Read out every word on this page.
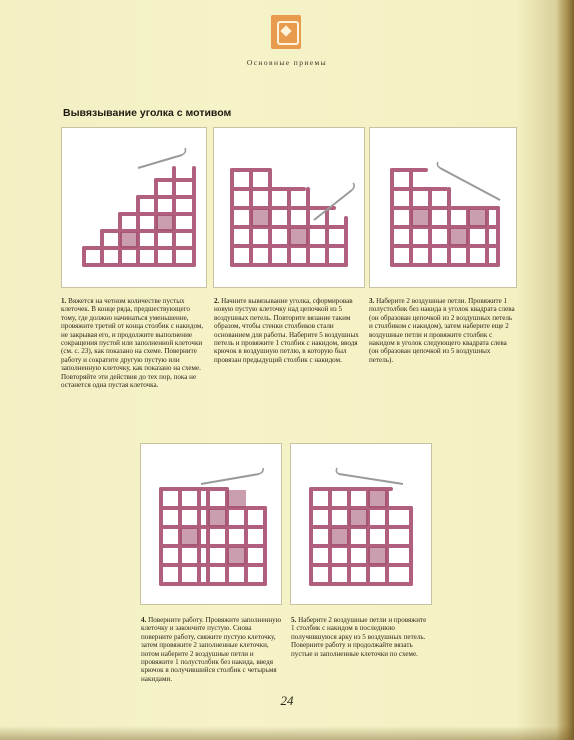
Основные приемы
Вывязывание уголка с мотивом
1. Вяжется на четном количестве пустых клеточек. В конце ряда, предшествующего тому, где должно начинаться уменьшение, провяжите третий от конца столбик с накидом, не закрывая его, и продолжите выполнение сокращения пустой или заполненной клеточки (см. с. 23), как показано на схеме. Поверните работу и сократите другую пустую или заполненную клеточку, как показано на схеме. Повторяйте эти действия до тех пор, пока не останется одна пустая клеточка.
2. Начните вывязывание уголка, сформировав новую пустую клеточку над цепочкой из 5 воздушных петель. Повторите вязание таким образом, чтобы стенки столбиков стали основанием для работы. Наберите 5 воздушных петель и провяжите 1 столбик с накидом, вводя крючок в воздушную петлю, в которую был провязан предыдущий столбик с накидом.
3. Наберите 2 воздушные петли. Провяжите 1 полустолбик без накида в уголок квадрата слева (он образован цепочкой из 2 воздушных петель и столбиком с накидом), затем наберите еще 2 воздушные петли и провяжите столбик с накидом в уголок следующего квадрата слева (он образован цепочкой из 5 воздушных петель).
4. Поверните работу. Провяжите заполненную клеточку и закончите пустую. Снова поверните работу, свяжите пустую клеточку, затем провяжите 2 заполненные клеточки, потом наберите 2 воздушные петли и провяжите 1 полустолбик без накида, введя крючок в получившийся столбик с четырьмя накидами.
5. Наберите 2 воздушные петли и провяжите 1 столбик с накидом в последнюю получившуюся арку из 5 воздушных петель. Поверните работу и продолжайте вязать пустые и заполненные клеточки по схеме.
24
